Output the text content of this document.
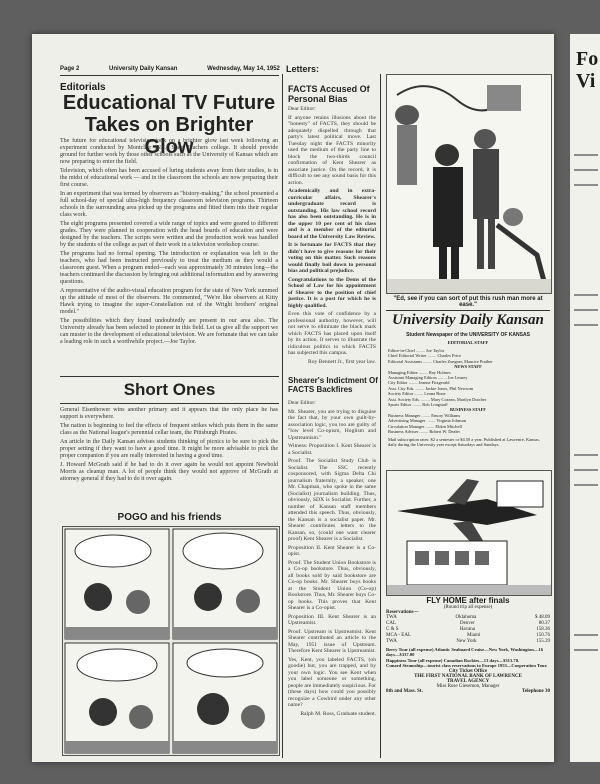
Fo Vi
Page 2	University Daily Kansan	Wednesday, May 14, 1952
Editorials
Educational TV Future Takes on Brighter Glow

The future for educational television took on a brighter glow last week following an experiment conducted by Montclair (N.J.) State Teachers college. It should provide ground for further work by those other schools such as the University of Kansas which are now preparing to enter the field.

Television, which often has been accused of luring students away from their studies, is in the midst of educational work — and in the classroom the schools are now preparing their first course.

In an experiment that was termed by observers as "history-making," the school presented a full school-day of special ultra-high frequency classroom television programs. Thirteen schools in the surrounding area picked up the programs and fitted them into their regular class work.

The eight programs presented covered a wide range of topics and were geared to different grades. They were planned in cooperation with the head boards of education and were designed by the teachers. The scripts were written and the production work was handled by the students of the college as part of their work in a television workshop course.

The programs had no formal opening. The introduction or explanation was left to the teachers, who had been instructed previously to treat the medium as they would a classroom guest. When a program ended—each was approximately 30 minutes long—the teachers continued the discussion by bringing out additional information and by answering questions.

A representative of the audio-visual education program for the state of New York summed up the attitude of most of the observers. He commented, "We're like observers at Kitty Hawk trying to imagine the super-Constellation out of the Wright brothers' original model."

The possibilities which they found undoubtedly are present in our area also. The University already has been selected to pioneer in this field. Let us give all the support we can muster to the development of educational television. We are fortunate that we can take a leading role in such a worthwhile project.—Joe Taylor.

Short Ones

General Eisenhower wins another primary and it appears that the only place he has support is everywhere.

The nation is beginning to feel the effects of frequent strikes which puts them in the same class as the National league's perennial cellar team, the Pittsburgh Pirates.

An article in the Daily Kansan advises students thinking of picnics to be sure to pick the proper setting if they want to have a good time. It might be more advisable to pick the proper companion if you are really interested in having a good time.

J. Howard McGrath said if he had to do it over again he would not appoint Newbold Morris as cleanup man. A lot of people think they would not approve of McGrath at attorney general if they had to do it over again.

POGO and his friends
Letters:
FACTS Accused Of Personal Bias

Dear Editor:

If anyone retains illusions about the "honesty" of FACTS, they should be adequately dispelled through that party's latest political move. Last Tuesday night the FACTS minority used the medium of the party line to block the two-thirds council confirmation of Kent Shearer as associate justice. On the record, it is difficult to see any sound basis for this action.

Academically and in extra-curricular affairs, Shearer's undergraduate record is outstanding. His law school record has also been outstanding. He is in the upper 10 per cent of his class and is a member of the editorial board of the University Law Review.

It is fortunate for FACTS that they didn't have to give reasons for their voting on this matter. Such reasons would finally boil down to personal bias and political prejudice.

Congratulations to the Dems of the School of Law for his appointment of Shearer to the position of chief justice. It is a post for which he is highly qualified.

Even this vote of confidence by a professional authority, however, will not serve to eliminate the black mark which FACTS has placed upon itself by its action. It serves to illustrate the ridiculous politics to which FACTS has subjected this campus.

Roy Bennett Jr., first year law.

Shearer's Indictment Of FACTS Backfires

Dear Editor:

Mr. Shearer, you are trying to disguise the fact that, by your own guilt-by-association logic, you too are guilty of "low level Co-opism, Hoglism and Upstreamism."

Witness: Proposition I. Kent Shearer is a Socialist.

Proof. The Socialist Study Club is Socialist. The SSC recently cosponsored, with Sigma Delta Chi journalism fraternity, a speaker, one Mr. Chapman, who spoke in the same (Socialist) journalism building. Thus, obviously, SDX is Socialist. Further, a number of Kansan staff members attended this speech. Thus, obviously, the Kansan is a socialist paper. Mr. Shearer contributes letters to the Kansan, so, (could one want clearer proof) Kent Shearer is a Socialist.

Proposition II. Kent Shearer is a Co-opist.

Proof. The Student Union Bookstore is a Co-op bookstore. Thus, obviously, all books sold by said bookstore are Co-op books. Mr. Shearer buys books at the Student Union (Co-op) Bookstore. Thus, Mr. Shearer buys Co-op books. This proves that Kent Shearer is a Co-opist.

Proposition III. Kent Shearer is an Upstreamist.

Proof. Upstream is Upstreamist. Kent Shearer contributed an article to the May, 1951 issue of Upstream. Therefore Kent Shearer is Upstreamist.

Yes, Kent, you labeled FACTS, (oh goodie) but, you are trapped, and by your own logic. You see Kent when you label someone or something, people are immediately suspicious. For (these days) how could you possibly recognize a Cowbird under any other name?

Ralph M. Ross, Graduate student.

"Ed, see if you can sort of put this rush man more at ease."
University Daily Kansan
Student Newspaper of the UNIVERSITY OF KANSAS
EDITORIAL STAFF
Editor-in-Chief ........ Joe Taylor
Chief Editorial Writer ........ Charles Price
Editorial Assistants ........ Charles Zuegner, Maurice Prather
NEWS STAFF
Managing Editor ........ Ray Holmes
Assistant Managing Editors ........ Joe Lesney
City Editor ........ Jeanne Fitzgerald
Asst. City Eds. ........ Jackie Jones, Phil Newsom
Society Editor ........ Leona Bone
Asst. Society Eds. ........ Mary Cozean, Marilyn Dutcher
Sports Editor ........ Bob Longstaff
BUSINESS STAFF
Business Manager ........ Emory Williams
Advertising Manager ........ Virginia Johnson
Circulation Manager ........ Eldon Mitchell
Business Adviser ........ Robert W. Dealer
Mail subscription rates: $2 a semester or $4.50 a year. Published at Lawrence, Kansas, daily during the University year except Saturdays and Sundays.
FLY HOME after finals
(Round trip all expense)
Reservations—
TWA	Oklahoma	$ 48.09
CAL	Denver	80.37
C & S	Havana	158.36
MCA - EAL	Miami	150.76
TWA	New York	155.39
Berry Tour (all expense) Atlantic Seaboard Cruise—New York, Washington—16 days—$337.00
Happiness Tour (all expense) Canadian Rockies—13 days—$313.70.
Cunard Steamship—tourist class reservations to Europe 1953—Cooperation Tour.
City Ticket Office
THE FIRST NATIONAL BANK OF LAWRENCE
TRAVEL AGENCY
Miss Rose Giesemon, Manager
8th and Mass. St.	Telephone 30
